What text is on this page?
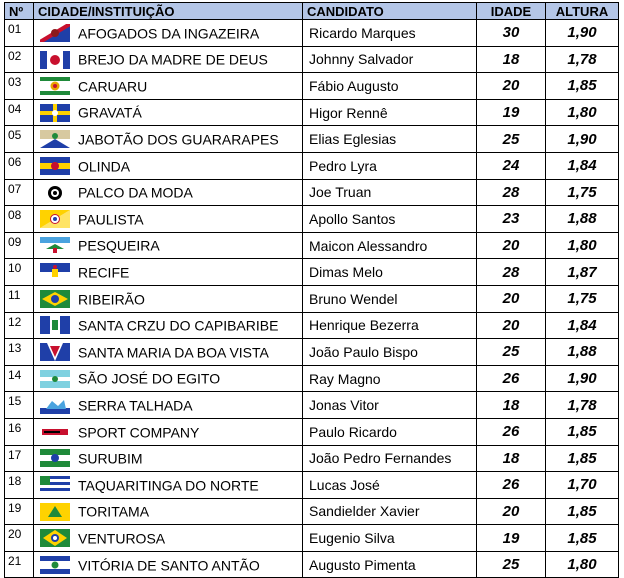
Nº	CIDADE/INSTITUIÇÃO	CANDIDATO	IDADE	ALTURA
01	AFOGADOS DA INGAZEIRA	Ricardo Marques	30	1,90
02	BREJO DA MADRE DE DEUS	Johnny Salvador	18	1,78
03	CARUARU	Fábio Augusto	20	1,85
04	GRAVATÁ	Higor Rennê	19	1,80
05	JABOTÃO DOS GUARARAPES	Elias Eglesias	25	1,90
06	OLINDA	Pedro Lyra	24	1,84
07	PALCO DA MODA	Joe Truan	28	1,75
08	PAULISTA	Apollo Santos	23	1,88
09	PESQUEIRA	Maicon Alessandro	20	1,80
10	RECIFE	Dimas Melo	28	1,87
11	RIBEIRÃO	Bruno Wendel	20	1,75
12	SANTA CRZU DO CAPIBARIBE	Henrique Bezerra	20	1,84
13	SANTA MARIA DA BOA VISTA	João Paulo Bispo	25	1,88
14	SÃO JOSÉ DO EGITO	Ray Magno	26	1,90
15	SERRA TALHADA	Jonas Vitor	18	1,78
16	SPORT COMPANY	Paulo Ricardo	26	1,85
17	SURUBIM	João Pedro Fernandes	18	1,85
18	TAQUARITINGA DO NORTE	Lucas José	26	1,70
19	TORITAMA	Sandielder Xavier	20	1,85
20	VENTUROSA	Eugenio Silva	19	1,85
21	VITÓRIA DE SANTO ANTÃO	Augusto Pimenta	25	1,80
